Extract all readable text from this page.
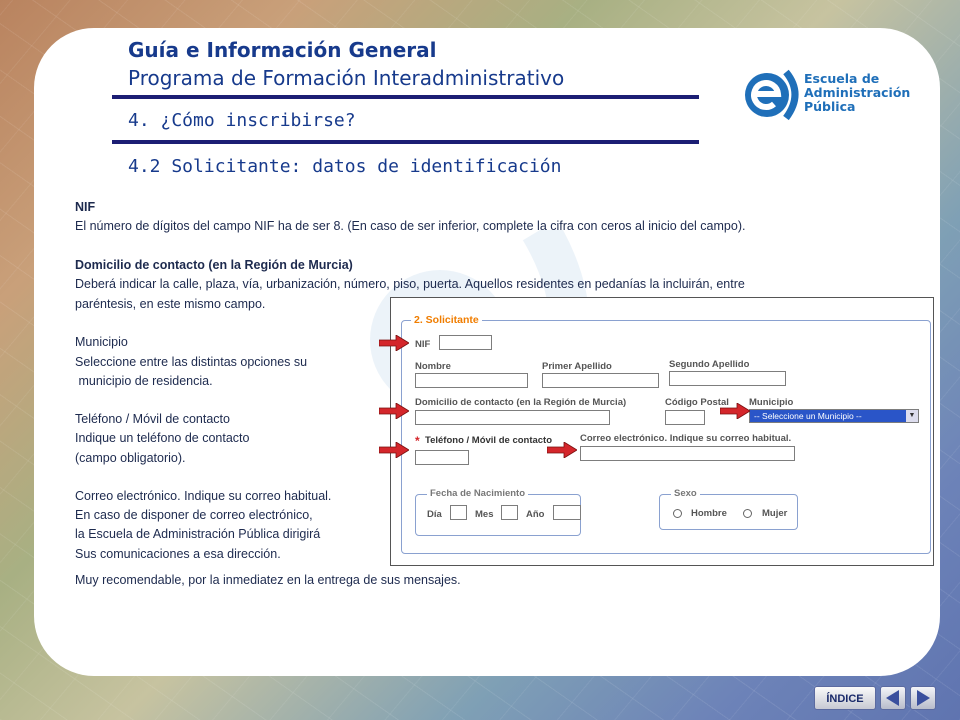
Guía e Información General
Programa de Formación Interadministrativo
4. ¿Cómo inscribirse?
4.2 Solicitante: datos de identificación
Escuela de
Administración
Pública
NIF
El número de dígitos del campo NIF ha de ser 8. (En caso de ser inferior, complete la cifra con ceros al inicio del campo).
Domicilio de contacto (en la Región de Murcia)
Deberá indicar la calle, plaza, vía, urbanización, número, piso, puerta. Aquellos residentes en pedanías la incluirán, entre
paréntesis, en este mismo campo.
Municipio
Seleccione entre las distintas opciones su
municipio de residencia.
Teléfono / Móvil de contacto
Indique un teléfono de contacto
(campo obligatorio).
Correo electrónico. Indique su correo habitual.
En caso de disponer de correo electrónico,
la Escuela de Administración Pública dirigirá
Sus comunicaciones a esa dirección.
Muy recomendable, por la inmediatez en la entrega de sus mensajes.
2. Solicitante
NIF
Nombre	Primer Apellido	Segundo Apellido
Domicilio de contacto (en la Región de Murcia)	Código Postal Municipio
-- Seleccione un Municipio --	▼
* Teléfono / Móvil de contacto	Correo electrónico. Indique su correo habitual.
Fecha de Nacimiento
Día	Mes	Año
Sexo
Hombre	Mujer
ÍNDICE
